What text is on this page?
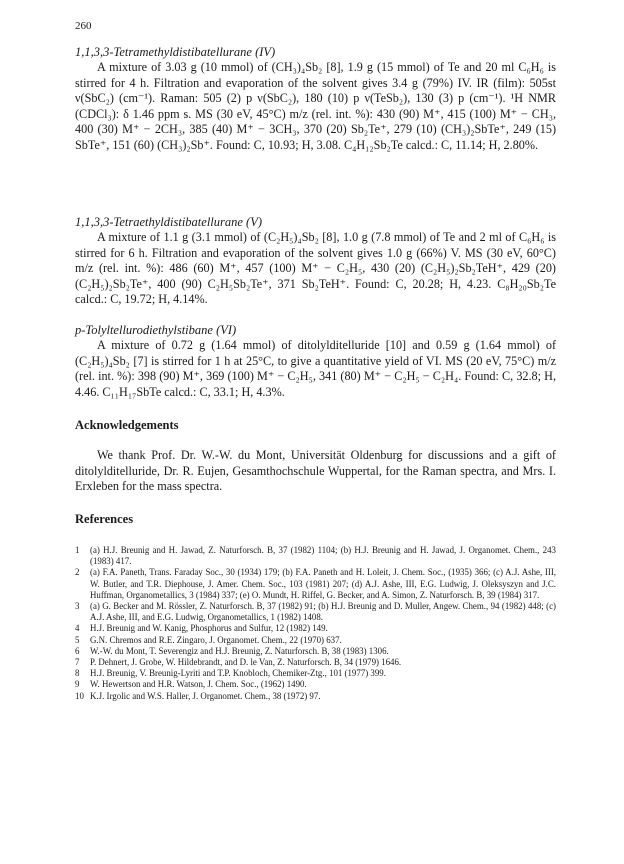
260
1,1,3,3-Tetramethyldistibatellurane (IV)

A mixture of 3.03 g (10 mmol) of (CH₃)₄Sb₂ [8], 1.9 g (15 mmol) of Te and 20 ml C₆H₆ is stirred for 4 h. Filtration and evaporation of the solvent gives 3.4 g (79%) IV. IR (film): 505st ν(SbC₂) (cm⁻¹). Raman: 505 (2) p ν(SbC₂), 180 (10) p ν(TeSb₂), 130 (3) p (cm⁻¹). ¹H NMR (CDCl₃): δ 1.46 ppm s. MS (30 eV, 45°C) m/z (rel. int. %): 430 (90) M⁺, 415 (100) M⁺ − CH₃, 400 (30) M⁺ − 2CH₃, 385 (40) M⁺ − 3CH₃, 370 (20) Sb₂Te⁺, 279 (10) (CH₃)₂SbTe⁺, 249 (15) SbTe⁺, 151 (60) (CH₃)₂Sb⁺. Found: C, 10.93; H, 3.08. C₄H₁₂Sb₂Te calcd.: C, 11.14; H, 2.80%.

1,1,3,3-Tetraethyldistibatellurane (V)

A mixture of 1.1 g (3.1 mmol) of (C₂H₅)₄Sb₂ [8], 1.0 g (7.8 mmol) of Te and 2 ml of C₆H₆ is stirred for 6 h. Filtration and evaporation of the solvent gives 1.0 g (66%) V. MS (30 eV, 60°C) m/z (rel. int. %): 486 (60) M⁺, 457 (100) M⁺ − C₂H₅, 430 (20) (C₂H₅)₂Sb₂TeH⁺, 429 (20) (C₂H₅)₂Sb₂Te⁺, 400 (90) C₂H₅Sb₂Te⁺, 371 Sb₂TeH⁺. Found: C, 20.28; H, 4.23. C₈H₂₀Sb₂Te calcd.: C, 19.72; H, 4.14%.

p-Tolyltellurodiethylstibane (VI)

A mixture of 0.72 g (1.64 mmol) of ditolylditelluride [10] and 0.59 g (1.64 mmol) of (C₂H₅)₄Sb₂ [7] is stirred for 1 h at 25°C, to give a quantitative yield of VI. MS (20 eV, 75°C) m/z (rel. int. %): 398 (90) M⁺, 369 (100) M⁺ − C₂H₅, 341 (80) M⁺ − C₂H₅ − C₂H₄. Found: C, 32.8; H, 4.46. C₁₁H₁₇SbTe calcd.: C, 33.1; H, 4.3%.

Acknowledgements

We thank Prof. Dr. W.-W. du Mont, Universität Oldenburg for discussions and a gift of ditolylditelluride, Dr. R. Eujen, Gesamthochschule Wuppertal, for the Raman spectra, and Mrs. I. Erxleben for the mass spectra.

References
1	(a) H.J. Breunig and H. Jawad, Z. Naturforsch. B, 37 (1982) 1104; (b) H.J. Breunig and H. Jawad, J. Organomet. Chem., 243 (1983) 417.
2	(a) F.A. Paneth, Trans. Faraday Soc., 30 (1934) 179; (b) F.A. Paneth and H. Loleit, J. Chem. Soc., (1935) 366; (c) A.J. Ashe, III, W. Butler, and T.R. Diephouse, J. Amer. Chem. Soc., 103 (1981) 207; (d) A.J. Ashe, III, E.G. Ludwig, J. Oleksyszyn and J.C. Huffman, Organometallics, 3 (1984) 337; (e) O. Mundt, H. Riffel, G. Becker, and A. Simon, Z. Naturforsch. B, 39 (1984) 317.
3	(a) G. Becker and M. Rössler, Z. Naturforsch. B, 37 (1982) 91; (b) H.J. Breunig and D. Muller, Angew. Chem., 94 (1982) 448; (c) A.J. Ashe, III, and E.G. Ludwig, Organometallics, 1 (1982) 1408.
4	H.J. Breunig and W. Kanig, Phosphorus and Sulfur, 12 (1982) 149.
5	G.N. Chremos and R.E. Zingaro, J. Organomet. Chem., 22 (1970) 637.
6	W.-W. du Mont, T. Severengiz and H.J. Breunig, Z. Naturforsch. B, 38 (1983) 1306.
7	P. Dehnert, J. Grobe, W. Hildebrandt, and D. le Van, Z. Naturforsch. B, 34 (1979) 1646.
8	H.J. Breunig, V. Breunig-Lyriti and T.P. Knobloch, Chemiker-Ztg., 101 (1977) 399.
9	W. Hewertson and H.R. Watson, J. Chem. Soc., (1962) 1490.
10 K.J. Irgolic and W.S. Haller, J. Organomet. Chem., 38 (1972) 97.
